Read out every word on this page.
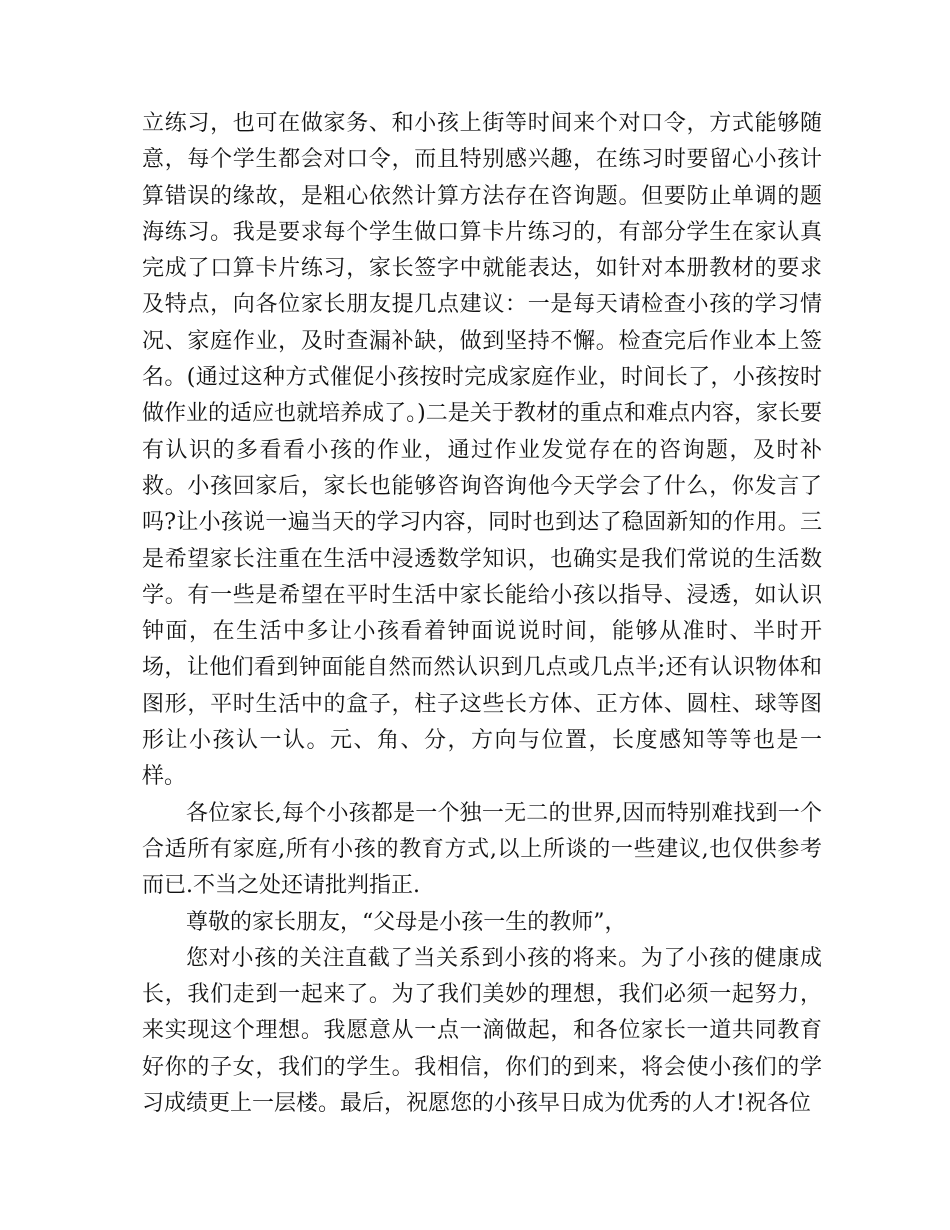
立练习，也可在做家务、和小孩上街等时间来个对口令，方式能够随意，每个学生都会对口令，而且特别感兴趣，在练习时要留心小孩计算错误的缘故，是粗心依然计算方法存在咨询题。但要防止单调的题海练习。我是要求每个学生做口算卡片练习的，有部分学生在家认真完成了口算卡片练习，家长签字中就能表达，如针对本册教材的要求及特点，向各位家长朋友提几点建议：一是每天请检查小孩的学习情况、家庭作业，及时查漏补缺，做到坚持不懈。检查完后作业本上签名。(通过这种方式催促小孩按时完成家庭作业，时间长了，小孩按时做作业的适应也就培养成了。)二是关于教材的重点和难点内容，家长要有认识的多看看小孩的作业，通过作业发觉存在的咨询题，及时补救。小孩回家后，家长也能够咨询咨询他今天学会了什么，你发言了吗?让小孩说一遍当天的学习内容，同时也到达了稳固新知的作用。三是希望家长注重在生活中浸透数学知识，也确实是我们常说的生活数学。有一些是希望在平时生活中家长能给小孩以指导、浸透，如认识钟面，在生活中多让小孩看着钟面说说时间，能够从准时、半时开场，让他们看到钟面能自然而然认识到几点或几点半;还有认识物体和图形，平时生活中的盒子，柱子这些长方体、正方体、圆柱、球等图形让小孩认一认。元、角、分，方向与位置，长度感知等等也是一样。

各位家长,每个小孩都是一个独一无二的世界,因而特别难找到一个合适所有家庭,所有小孩的教育方式,以上所谈的一些建议,也仅供参考而已.不当之处还请批判指正.

尊敬的家长朋友，“父母是小孩一生的教师”，

您对小孩的关注直截了当关系到小孩的将来。为了小孩的健康成长，我们走到一起来了。为了我们美妙的理想，我们必须一起努力，来实现这个理想。我愿意从一点一滴做起，和各位家长一道共同教育好你的子女，我们的学生。我相信，你们的到来，将会使小孩们的学习成绩更上一层楼。最后，祝愿您的小孩早日成为优秀的人才!祝各位
